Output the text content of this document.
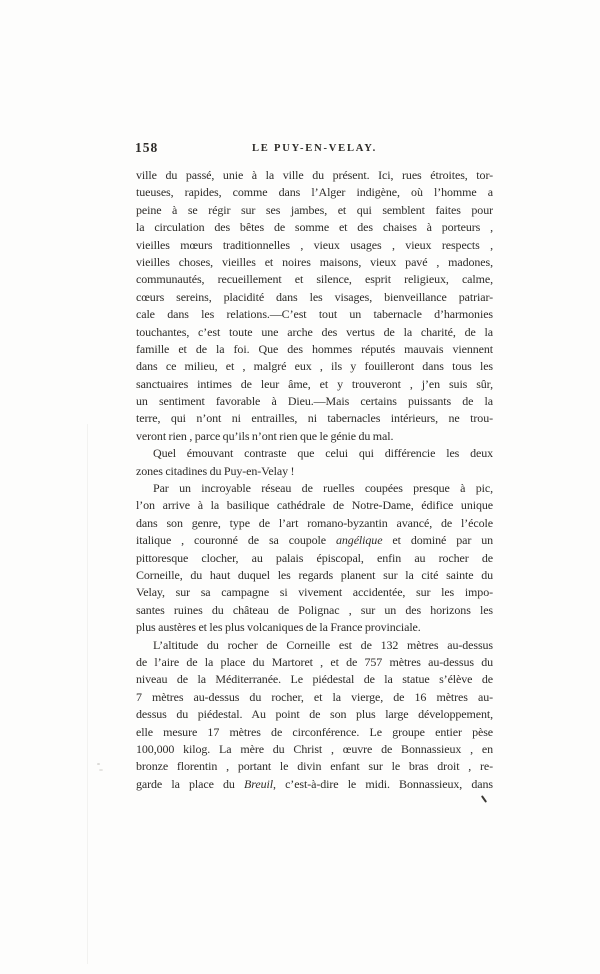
158	LE PUY-EN-VELAY.
ville du passé, unie à la ville du présent. Ici, rues étroites, tor-
tueuses, rapides, comme dans l’Alger indigène, où l’homme a
peine à se régir sur ses jambes, et qui semblent faites pour
la circulation des bêtes de somme et des chaises à porteurs ,
vieilles mœurs traditionnelles , vieux usages , vieux respects ,
vieilles choses, vieilles et noires maisons, vieux pavé , madones,
communautés, recueillement et silence, esprit religieux, calme,
cœurs sereins, placidité dans les visages, bienveillance patriar-
cale dans les relations.—C’est tout un tabernacle d’harmonies
touchantes, c’est toute une arche des vertus de la charité, de la
famille et de la foi. Que des hommes réputés mauvais viennent
dans ce milieu, et , malgré eux , ils y fouilleront dans tous les
sanctuaires intimes de leur âme, et y trouveront , j’en suis sûr,
un sentiment favorable à Dieu.—Mais certains puissants de la
terre, qui n’ont ni entrailles, ni tabernacles intérieurs, ne trou-
veront rien , parce qu’ils n’ont rien que le génie du mal.
Quel émouvant contraste que celui qui différencie les deux
zones citadines du Puy-en-Velay !
Par un incroyable réseau de ruelles coupées presque à pic,
l’on arrive à la basilique cathédrale de Notre-Dame, édifice unique
dans son genre, type de l’art romano-byzantin avancé, de l’école
italique , couronné de sa coupole angélique et dominé par un
pittoresque clocher, au palais épiscopal, enfin au rocher de
Corneille, du haut duquel les regards planent sur la cité sainte du
Velay, sur sa campagne si vivement accidentée, sur les impo-
santes ruines du château de Polignac , sur un des horizons les
plus austères et les plus volcaniques de la France provinciale.
L’altitude du rocher de Corneille est de 132 mètres au-dessus
de l’aire de la place du Martoret , et de 757 mètres au-dessus du
niveau de la Méditerranée. Le piédestal de la statue s’élève de
7 mètres au-dessus du rocher, et la vierge, de 16 mètres au-
dessus du piédestal. Au point de son plus large développement,
elle mesure 17 mètres de circonférence. Le groupe entier pèse
100,000 kilog. La mère du Christ , œuvre de Bonnassieux , en
bronze florentin , portant le divin enfant sur le bras droit , re-
garde la place du Breuil, c’est-à-dire le midi. Bonnassieux, dans
